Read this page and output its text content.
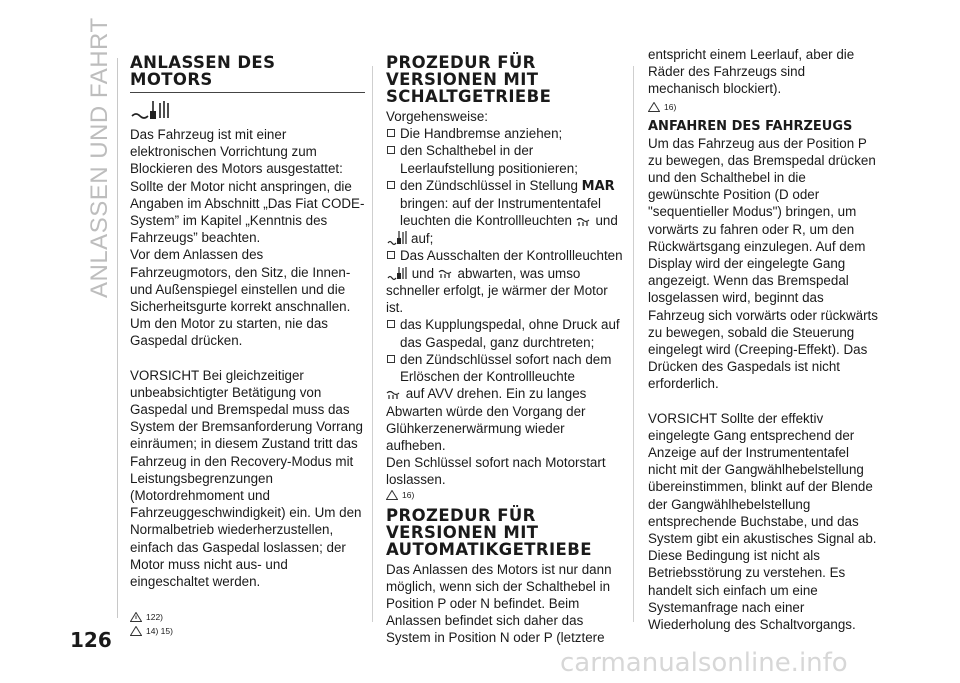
ANLASSEN UND FAHRT ANLASSEN DES
MOTORS

Das Fahrzeug ist mit einer elektronischen Vorrichtung zum Blockieren des Motors ausgestattet: Sollte der Motor nicht anspringen, die Angaben im Abschnitt „Das Fiat CODE-System” im Kapitel „Kenntnis des Fahrzeugs” beachten.

Vor dem Anlassen des Fahrzeugmotors, den Sitz, die Innen- und Außenspiegel einstellen und die Sicherheitsgurte korrekt anschnallen.

Um den Motor zu starten, nie das Gaspedal drücken.

VORSICHT Bei gleichzeitiger unbeabsichtigter Betätigung von Gaspedal und Bremspedal muss das System der Bremsanforderung Vorrang einräumen; in diesem Zustand tritt das Fahrzeug in den Recovery-Modus mit Leistungsbegrenzungen (Motordrehmoment und Fahrzeuggeschwindigkeit) ein. Um den Normalbetrieb wiederherzustellen, einfach das Gaspedal loslassen; der Motor muss nicht aus- und eingeschaltet werden.

122)
14) 15)
PROZEDUR FÜR
VERSIONEN MIT
SCHALTGETRIEBE

Vorgehensweise:

Die Handbremse anziehen;
den Schalthebel in der Leerlaufstellung positionieren;
den Zündschlüssel in Stellung MAR bringen: auf der Instrumententafel leuchten die Kontrollleuchten und
auf;
Das Ausschalten der Kontrollleuchten

und abwarten, was umso schneller erfolgt, je wärmer der Motor ist.

das Kupplungspedal, ohne Druck auf das Gaspedal, ganz durchtreten;
den Zündschlüssel sofort nach dem Erlöschen der Kontrollleuchte

auf AVV drehen. Ein zu langes Abwarten würde den Vorgang der Glühkerzenerwärmung wieder aufheben.

Den Schlüssel sofort nach Motorstart loslassen.

16)
PROZEDUR FÜR
VERSIONEN MIT
AUTOMATIKGETRIEBE

Das Anlassen des Motors ist nur dann möglich, wenn sich der Schalthebel in Position P oder N befindet. Beim Anlassen befindet sich daher das System in Position N oder P (letztere

entspricht einem Leerlauf, aber die Räder des Fahrzeugs sind mechanisch blockiert).

16)
ANFAHREN DES FAHRZEUGS

Um das Fahrzeug aus der Position P zu bewegen, das Bremspedal drücken und den Schalthebel in die gewünschte Position (D oder "sequentieller Modus") bringen, um vorwärts zu fahren oder R, um den Rückwärtsgang einzulegen. Auf dem Display wird der eingelegte Gang angezeigt. Wenn das Bremspedal losgelassen wird, beginnt das Fahrzeug sich vorwärts oder rückwärts zu bewegen, sobald die Steuerung eingelegt wird (Creeping-Effekt). Das Drücken des Gaspedals ist nicht erforderlich.

VORSICHT Sollte der effektiv eingelegte Gang entsprechend der Anzeige auf der Instrumententafel nicht mit der Gangwählhebelstellung übereinstimmen, blinkt auf der Blende der Gangwählhebelstellung entsprechende Buchstabe, und das System gibt ein akustisches Signal ab. Diese Bedingung ist nicht als Betriebsstörung zu verstehen. Es handelt sich einfach um eine Systemanfrage nach einer Wiederholung des Schaltvorgangs.

126
carmanualsonline.info
